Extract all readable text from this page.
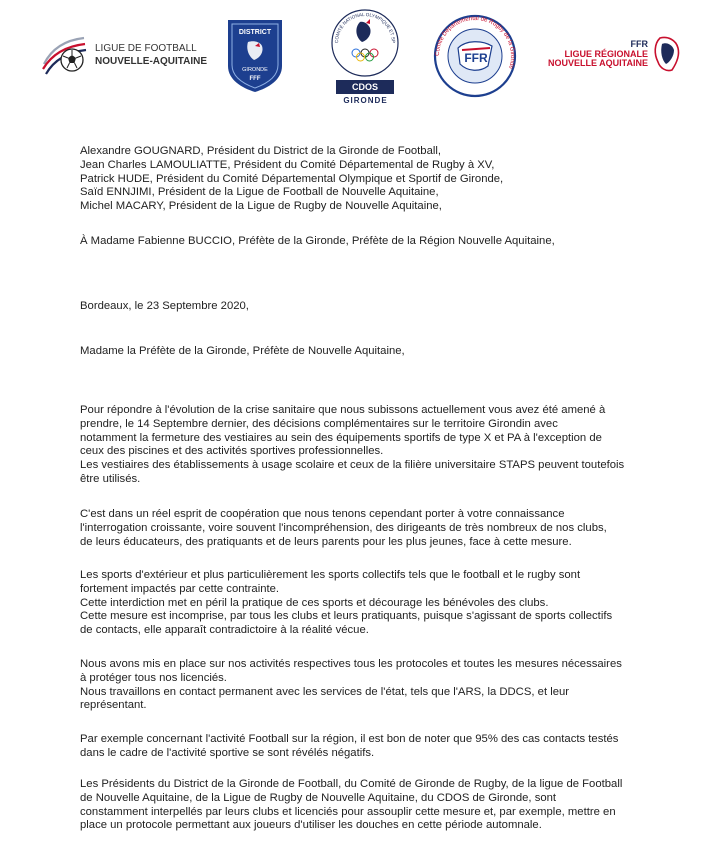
LIGUE DE FOOTBALL
NOUVELLE-AQUITAINE
DISTRICT
GIRONDE
FFF
COMITÉ NATIONAL OLYMPIQUE ET SP
CDOS
GIRONDE
FFR
Comité Départemental de Rugby de la Gironde
FFR
LIGUE RÉGIONALE
NOUVELLE AQUITAINE

Alexandre GOUGNARD, Président du District de la Gironde de Football,

Jean Charles LAMOULIATTE, Président du Comité Départemental de Rugby à XV,

Patrick HUDE, Président du Comité Départemental Olympique et Sportif de Gironde,

Saïd ENNJIMI, Président de la Ligue de Football de Nouvelle Aquitaine,

Michel MACARY, Président de la Ligue de Rugby de Nouvelle Aquitaine,

À Madame Fabienne BUCCIO, Préfète de la Gironde, Préfète de la Région Nouvelle Aquitaine,

Bordeaux, le 23 Septembre 2020,

Madame la Préfète de la Gironde, Préfète de Nouvelle Aquitaine,

Pour répondre à l'évolution de la crise sanitaire que nous subissons actuellement vous avez été amené à

prendre, le 14 Septembre dernier, des décisions complémentaires sur le territoire Girondin avec

notamment la fermeture des vestiaires au sein des équipements sportifs de type X et PA à l'exception de

ceux des piscines et des activités sportives professionnelles.

Les vestiaires des établissements à usage scolaire et ceux de la filière universitaire STAPS peuvent toutefois

être utilisés.

C'est dans un réel esprit de coopération que nous tenons cependant porter à votre connaissance

l'interrogation croissante, voire souvent l'incompréhension, des dirigeants de très nombreux de nos clubs,

de leurs éducateurs, des pratiquants et de leurs parents pour les plus jeunes, face à cette mesure.

Les sports d'extérieur et plus particulièrement les sports collectifs tels que le football et le rugby sont

fortement impactés par cette contrainte.

Cette interdiction met en péril la pratique de ces sports et décourage les bénévoles des clubs.

Cette mesure est incomprise, par tous les clubs et leurs pratiquants, puisque s'agissant de sports collectifs

de contacts, elle apparaît contradictoire à la réalité vécue.

Nous avons mis en place sur nos activités respectives tous les protocoles et toutes les mesures nécessaires

à protéger tous nos licenciés.

Nous travaillons en contact permanent avec les services de l'état, tels que l'ARS, la DDCS, et leur

représentant.

Par exemple concernant l'activité Football sur la région, il est bon de noter que 95% des cas contacts testés

dans le cadre de l'activité sportive se sont révélés négatifs.

Les Présidents du District de la Gironde de Football, du Comité de Gironde de Rugby, de la ligue de Football

de Nouvelle Aquitaine, de la Ligue de Rugby de Nouvelle Aquitaine, du CDOS de Gironde, sont

constamment interpellés par leurs clubs et licenciés pour assouplir cette mesure et, par exemple, mettre en

place un protocole permettant aux joueurs d'utiliser les douches en cette période automnale.
